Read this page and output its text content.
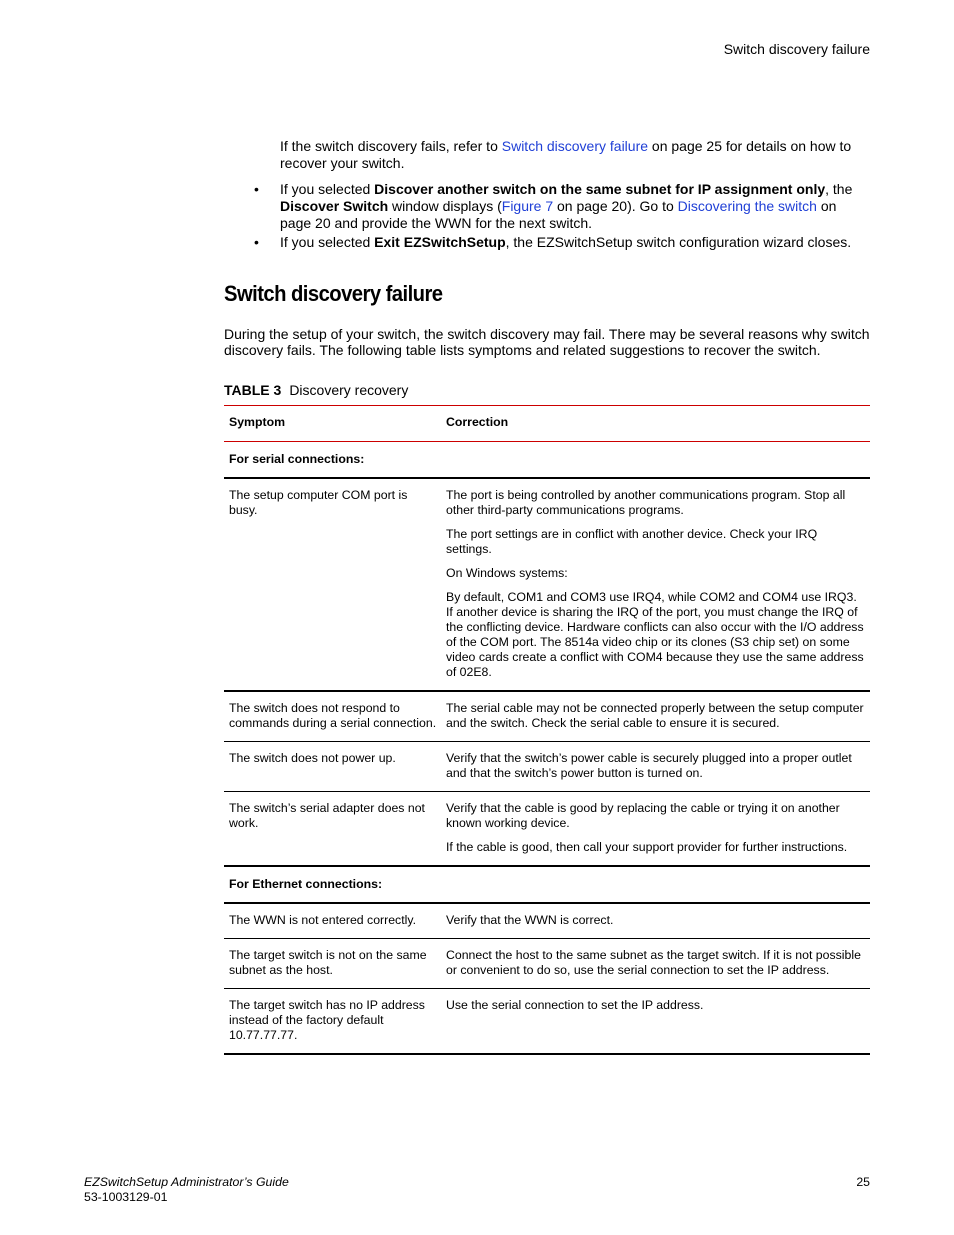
Switch discovery failure
If the switch discovery fails, refer to Switch discovery failure on page 25 for details on how to recover your switch.
• If you selected Discover another switch on the same subnet for IP assignment only, the Discover Switch window displays (Figure 7 on page 20). Go to Discovering the switch on page 20 and provide the WWN for the next switch.
• If you selected Exit EZSwitchSetup, the EZSwitchSetup switch configuration wizard closes.
Switch discovery failure

During the setup of your switch, the switch discovery may fail. There may be several reasons why switch discovery fails. The following table lists symptoms and related suggestions to recover the switch.

TABLE 3 Discovery recovery
Symptom	Correction
For serial connections:	
The setup computer COM port is busy.	The port is being controlled by another communications program. Stop all other third-party communications programs.

The port settings are in conflict with another device. Check your IRQ settings.

On Windows systems:

By default, COM1 and COM3 use IRQ4, while COM2 and COM4 use IRQ3. If another device is sharing the IRQ of the port, you must change the IRQ of the conflicting device. Hardware conflicts can also occur with the I/O address of the COM port. The 8514a video chip or its clones (S3 chip set) on some video cards create a conflict with COM4 because they use the same address of 02E8.

The switch does not respond to commands during a serial connection.	The serial cable may not be connected properly between the setup computer and the switch. Check the serial cable to ensure it is secured.

The switch does not power up.	Verify that the switch’s power cable is securely plugged into a proper outlet and that the switch’s power button is turned on.

The switch’s serial adapter does not work.	Verify that the cable is good by replacing the cable or trying it on another known working device.

If the cable is good, then call your support provider for further instructions.

For Ethernet connections:	
The WWN is not entered correctly.	Verify that the WWN is correct.

The target switch is not on the same subnet as the host.	Connect the host to the same subnet as the target switch. If it is not possible or convenient to do so, use the serial connection to set the IP address.

The target switch has no IP address instead of the factory default 10.77.77.77.	Use the serial connection to set the IP address.

EZSwitchSetup Administrator’s Guide
53-1003129-01
25
